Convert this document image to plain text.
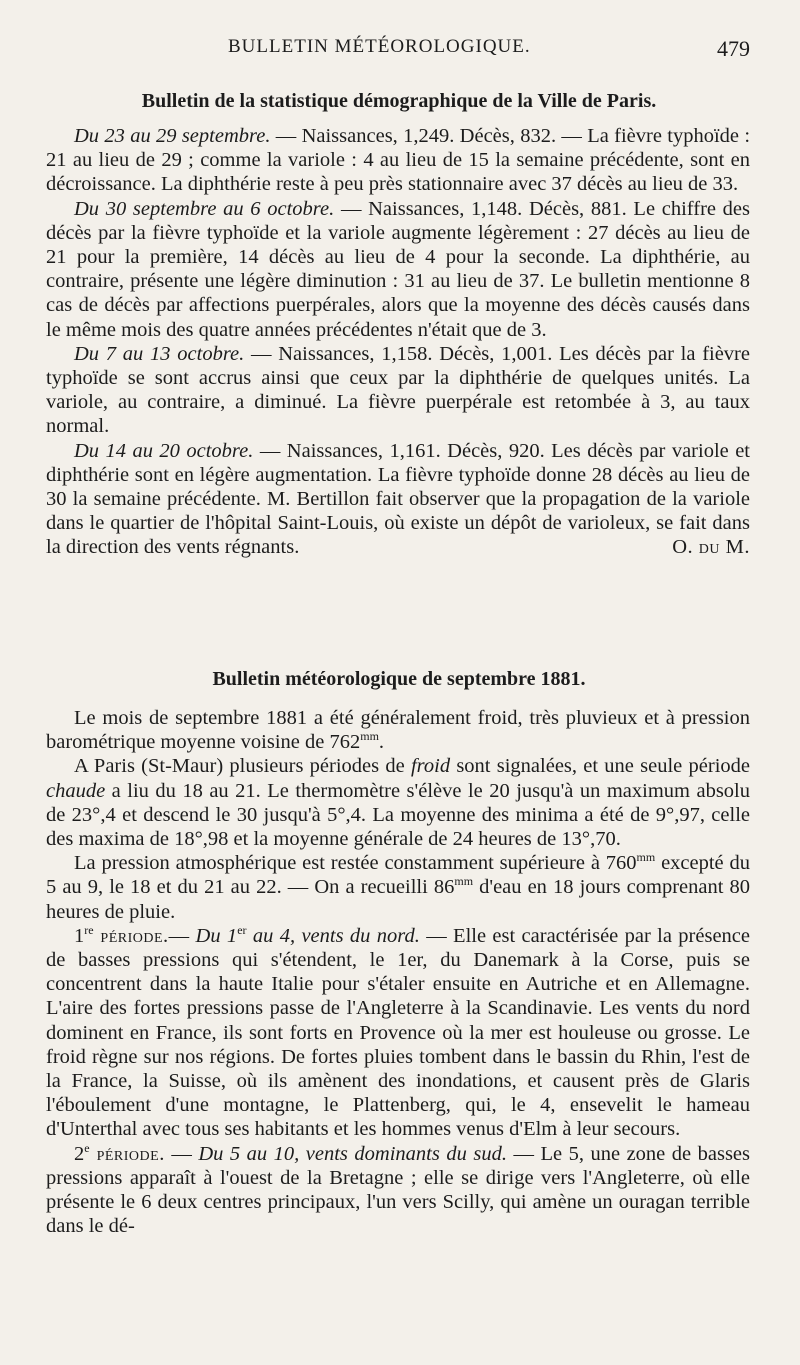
BULLETIN MÉTÉOROLOGIQUE.	479
Bulletin de la statistique démographique de la Ville de Paris.

Du 23 au 29 septembre. — Naissances, 1,249. Décès, 832. — La fièvre typhoïde : 21 au lieu de 29 ; comme la variole : 4 au lieu de 15 la semaine précédente, sont en décroissance. La diphthérie reste à peu près stationnaire avec 37 décès au lieu de 33.

Du 30 septembre au 6 octobre. — Naissances, 1,148. Décès, 881. Le chiffre des décès par la fièvre typhoïde et la variole augmente légèrement : 27 décès au lieu de 21 pour la première, 14 décès au lieu de 4 pour la seconde. La diphthérie, au contraire, présente une légère diminution : 31 au lieu de 37. Le bulletin mentionne 8 cas de décès par affections puerpérales, alors que la moyenne des décès causés dans le même mois des quatre années précédentes n'était que de 3.

Du 7 au 13 octobre. — Naissances, 1,158. Décès, 1,001. Les décès par la fièvre typhoïde se sont accrus ainsi que ceux par la diphthérie de quelques unités. La variole, au contraire, a diminué. La fièvre puerpérale est retombée à 3, au taux normal.

Du 14 au 20 octobre. — Naissances, 1,161. Décès, 920. Les décès par variole et diphthérie sont en légère augmentation. La fièvre typhoïde donne 28 décès au lieu de 30 la semaine précédente. M. Bertillon fait observer que la propagation de la variole dans le quartier de l'hôpital Saint-Louis, où existe un dépôt de varioleux, se fait dans la direction des vents régnants.	O. du M.

Bulletin météorologique de septembre 1881.

Le mois de septembre 1881 a été généralement froid, très pluvieux et à pression barométrique moyenne voisine de $762^{mm}$.

A Paris (St-Maur) plusieurs périodes de froid sont signalées, et une seule période chaude a liu du 18 au 21. Le thermomètre s'élève le 20 jusqu'à un maximum absolu de 23°,4 et descend le 30 jusqu'à 5°,4. La moyenne des minima a été de 9°,97, celle des maxima de 18°,98 et la moyenne générale de 24 heures de 13°,70.

La pression atmosphérique est restée constamment supérieure à $760^{mm}$ excepté du 5 au 9, le 18 et du 21 au 22. — On a recueilli $86^{mm}$ d'eau en 18 jours comprenant 80 heures de pluie.

1re période.— Du 1er au 4, vents du nord. — Elle est caractérisée par la présence de basses pressions qui s'étendent, le 1er, du Danemark à la Corse, puis se concentrent dans la haute Italie pour s'étaler ensuite en Autriche et en Allemagne. L'aire des fortes pressions passe de l'Angleterre à la Scandinavie. Les vents du nord dominent en France, ils sont forts en Provence où la mer est houleuse ou grosse. Le froid règne sur nos régions. De fortes pluies tombent dans le bassin du Rhin, l'est de la France, la Suisse, où ils amènent des inondations, et causent près de Glaris l'éboulement d'une montagne, le Plattenberg, qui, le 4, ensevelit le hameau d'Unterthal avec tous ses habitants et les hommes venus d'Elm à leur secours.

2e période. — Du 5 au 10, vents dominants du sud. — Le 5, une zone de basses pressions apparaît à l'ouest de la Bretagne ; elle se dirige vers l'Angleterre, où elle présente le 6 deux centres principaux, l'un vers Scilly, qui amène un ouragan terrible dans le dé-
